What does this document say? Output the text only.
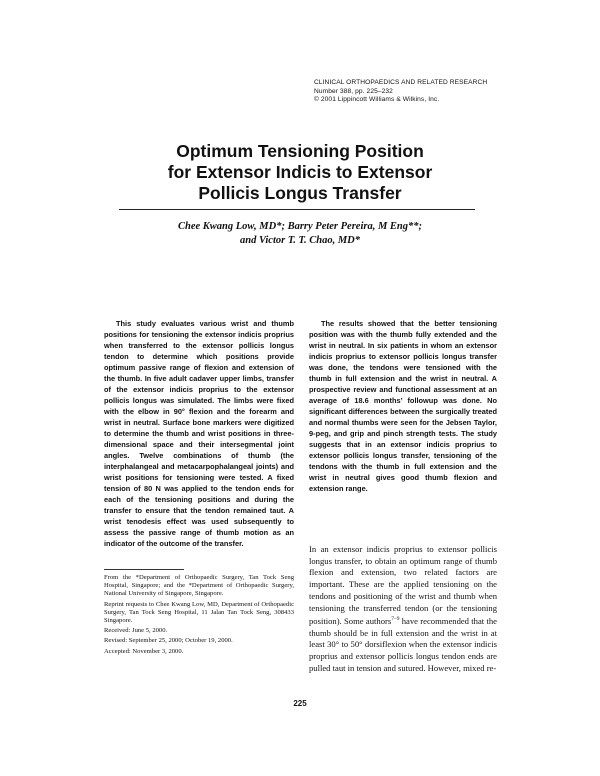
CLINICAL ORTHOPAEDICS AND RELATED RESEARCH
Number 388, pp. 225–232
© 2001 Lippincott Williams & Wilkins, Inc.
Optimum Tensioning Position
for Extensor Indicis to Extensor
Pollicis Longus Transfer
Chee Kwang Low, MD*; Barry Peter Pereira, M Eng**;
and Victor T. T. Chao, MD*

This study evaluates various wrist and thumb positions for tensioning the extensor indicis proprius when transferred to the extensor pollicis longus tendon to determine which positions provide optimum passive range of flexion and extension of the thumb. In five adult cadaver upper limbs, transfer of the extensor indicis proprius to the extensor pollicis longus was simulated. The limbs were fixed with the elbow in 90° flexion and the forearm and wrist in neutral. Surface bone markers were digitized to determine the thumb and wrist positions in three-dimensional space and their intersegmental joint angles. Twelve combinations of thumb (the interphalangeal and metacarpophalangeal joints) and wrist positions for tensioning were tested. A fixed tension of 80 N was applied to the tendon ends for each of the tensioning positions and during the transfer to ensure that the tendon remained taut. A wrist tenodesis effect was used subsequently to assess the passive range of thumb motion as an indicator of the outcome of the transfer.

The results showed that the better tensioning position was with the thumb fully extended and the wrist in neutral. In six patients in whom an extensor indicis proprius to extensor pollicis longus transfer was done, the tendons were tensioned with the thumb in full extension and the wrist in neutral. A prospective review and functional assessment at an average of 18.6 months’ followup was done. No significant differences between the surgically treated and normal thumbs were seen for the Jebsen Taylor, 9-peg, and grip and pinch strength tests. The study suggests that in an extensor indicis proprius to extensor pollicis longus transfer, tensioning of the tendons with the thumb in full extension and the wrist in neutral gives good thumb flexion and extension range.

In an extensor indicis proprius to extensor pollicis longus transfer, to obtain an optimum range of thumb flexion and extension, two related factors are important. These are the applied tensioning on the tendons and positioning of the wrist and thumb when tensioning the transferred tendon (or the tensioning position). Some authors$^{7-9}$ have recommended that the thumb should be in full extension and the wrist in at least 30° to 50° dorsiflexion when the extensor indicis proprius and extensor pollicis longus tendon ends are pulled taut in tension and sutured. However, mixed re-

From the *Department of Orthopaedic Surgery, Tan Tock Seng Hospital, Singapore; and the *Department of Orthopaedic Surgery, National University of Singapore, Singapore.

Reprint requests to Chee Kwang Low, MD, Department of Orthopaedic Surgery, Tan Tock Seng Hospital, 11 Jalan Tan Tock Seng, 308433 Singapore.

Received: June 5, 2000.

Revised: September 25, 2000; October 19, 2000.

Accepted: November 3, 2000.

225
